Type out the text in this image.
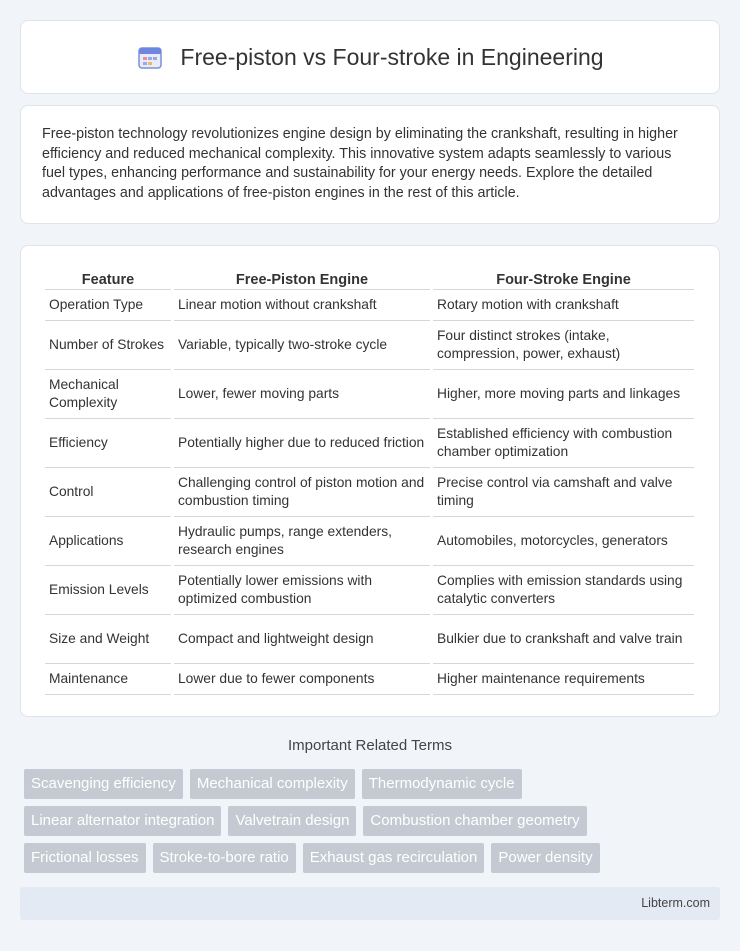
Free-piston vs Four-stroke in Engineering

Free-piston technology revolutionizes engine design by eliminating the crankshaft, resulting in higher efficiency and reduced mechanical complexity. This innovative system adapts seamlessly to various fuel types, enhancing performance and sustainability for your energy needs. Explore the detailed advantages and applications of free-piston engines in the rest of this article.

Feature	Free-Piston Engine	Four-Stroke Engine
Operation Type	Linear motion without crankshaft	Rotary motion with crankshaft
Number of Strokes	Variable, typically two-stroke cycle	Four distinct strokes (intake, compression, power, exhaust)
Mechanical Complexity	Lower, fewer moving parts	Higher, more moving parts and linkages
Efficiency	Potentially higher due to reduced friction	Established efficiency with combustion chamber optimization
Control	Challenging control of piston motion and combustion timing	Precise control via camshaft and valve timing
Applications	Hydraulic pumps, range extenders, research engines	Automobiles, motorcycles, generators
Emission Levels	Potentially lower emissions with optimized combustion	Complies with emission standards using catalytic converters
Size and Weight	Compact and lightweight design	Bulkier due to crankshaft and valve train
Maintenance	Lower due to fewer components	Higher maintenance requirements
Important Related Terms
Scavenging efficiency	Mechanical complexity	Thermodynamic cycle
Linear alternator integration	Valvetrain design	Combustion chamber geometry
Frictional losses	Stroke-to-bore ratio	Exhaust gas recirculation	Power density
Libterm.com
